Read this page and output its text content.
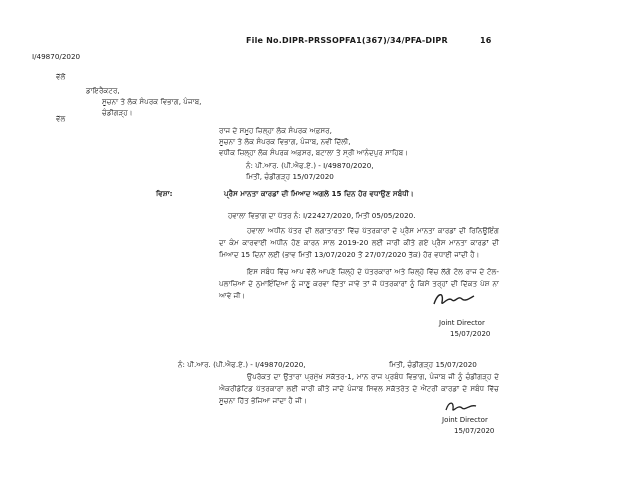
File No.DIPR-PRSSOPFA1(367)/34/PFA-DIPR	16
I/49870/2020
ਵੱਲੋਂ
ਡਾਇਰੈਕਟਰ,
ਸੂਚਨਾ ਤੇ ਲੋਕ ਸੰਪਰਕ ਵਿਭਾਗ, ਪੰਜਾਬ,
ਚੰਡੀਗੜ੍ਹ।
ਵੱਲ
ਰਾਜ ਦੇ ਸਮੂਹ ਜ਼ਿਲ੍ਹਾ ਲੋਕ ਸੰਪਰਕ ਅਫ਼ਸਰ,
ਸੂਚਨਾ ਤੇ ਲੋਕ ਸੰਪਰਕ ਵਿਭਾਗ, ਪੰਜਾਬ, ਨਵੀਂ ਦਿੱਲੀ,
ਵਧੀਕ ਜ਼ਿਲ੍ਹਾ ਲੋਕ ਸੰਪਰਕ ਅਫ਼ਸਰ, ਬਟਾਲਾ ਤੇ ਸ੍ਰੀ ਆਨੰਦਪੁਰ ਸਾਹਿਬ।
ਨੰ: ਪੀ.ਆਰ. (ਪੀ.ਐਫ.ਏ.) - I/49870/2020,
ਮਿਤੀ, ਚੰਡੀਗੜ੍ਹ 15/07/2020
ਵਿਸ਼ਾ:	ਪ੍ਰੈਸ ਮਾਨਤਾ ਕਾਰਡਾਂ ਦੀ ਮਿਆਦ ਅਗਲੇ 15 ਦਿਨ ਹੋਰ ਵਧਾਉਣ ਸਬੰਧੀ।
ਹਵਾਲਾ ਵਿਭਾਗ ਦਾ ਪੱਤਰ ਨੰ: I/22427/2020, ਮਿਤੀ 05/05/2020.
ਹਵਾਲਾ ਅਧੀਨ ਪੱਤਰ ਦੀ ਲਗਾਤਾਰਤਾ ਵਿੱਚ ਪੱਤਰਕਾਰਾਂ ਦੇ ਪ੍ਰੈਸ ਮਾਨਤਾ ਕਾਰਡਾਂ ਦੀ ਰਿਨਿਊਇੰਗ ਦਾ ਕੰਮ ਕਾਰਵਾਈ ਅਧੀਨ ਹੋਣ ਕਾਰਨ ਸਾਲ 2019-20 ਲਈ ਜਾਰੀ ਕੀਤੇ ਗਏ ਪ੍ਰੈਸ ਮਾਨਤਾ ਕਾਰਡਾਂ ਦੀ ਮਿਆਦ 15 ਦਿਨਾਂ ਲਈ (ਭਾਵ ਮਿਤੀ 13/07/2020 ਤੋਂ 27/07/2020 ਤੱਕ) ਹੋਰ ਵਧਾਈ ਜਾਂਦੀ ਹੈ।
ਇਸ ਸਬੰਧ ਵਿੱਚ ਆਪ ਵੱਲੋਂ ਆਪਣੇ ਜ਼ਿਲ੍ਹੇ ਦੇ ਪੱਤਰਕਾਰਾਂ ਅਤੇ ਜ਼ਿਲ੍ਹੇ ਵਿੱਚ ਲੱਗੇ ਟੋਲ ਰਾਜ ਦੇ ਟੋਲ-ਪਲਾਜ਼ਿਆਂ ਦੇ ਨੁਮਾਇੰਦਿਆਂ ਨੂੰ ਜਾਣੂ ਕਰਵਾ ਦਿੱਤਾ ਜਾਵੇ ਤਾਂ ਜੋ ਪੱਤਰਕਾਰਾਂ ਨੂੰ ਕਿਸੇ ਤਰ੍ਹਾਂ ਦੀ ਦਿੱਕਤ ਪੇਸ਼ ਨਾ ਆਵੇ ਜੀ।
Joint Director
15/07/2020
ਨੰ: ਪੀ.ਆਰ. (ਪੀ.ਐਫ.ਏ.) - I/49870/2020,	ਮਿਤੀ, ਚੰਡੀਗੜ੍ਹ 15/07/2020
ਉਪਰੋਕਤ ਦਾ ਉਤਾਰਾ ਪ੍ਰਮੁੱਖ ਸਕੱਤਰ-1, ਮਾਨ ਰਾਜ ਪ੍ਰਬੰਧ ਵਿਭਾਗ, ਪੰਜਾਬ ਜੀ ਨੂੰ ਚੰਡੀਗੜ੍ਹ ਦੇ ਐਕਰੀਡੇਟਿਡ ਪੱਤਰਕਾਰਾਂ ਲਈ ਜਾਰੀ ਕੀਤੇ ਜਾਂਦੇ ਪੰਜਾਬ ਸਿਵਲ ਸਕੱਤਰੇਤ ਦੇ ਐਂਟਰੀ ਕਾਰਡਾਂ ਦੇ ਸਬੰਧ ਵਿੱਚ ਸੂਚਨਾ ਹਿੱਤ ਭੇਜਿਆ ਜਾਂਦਾ ਹੈ ਜੀ।
Joint Director
15/07/2020
